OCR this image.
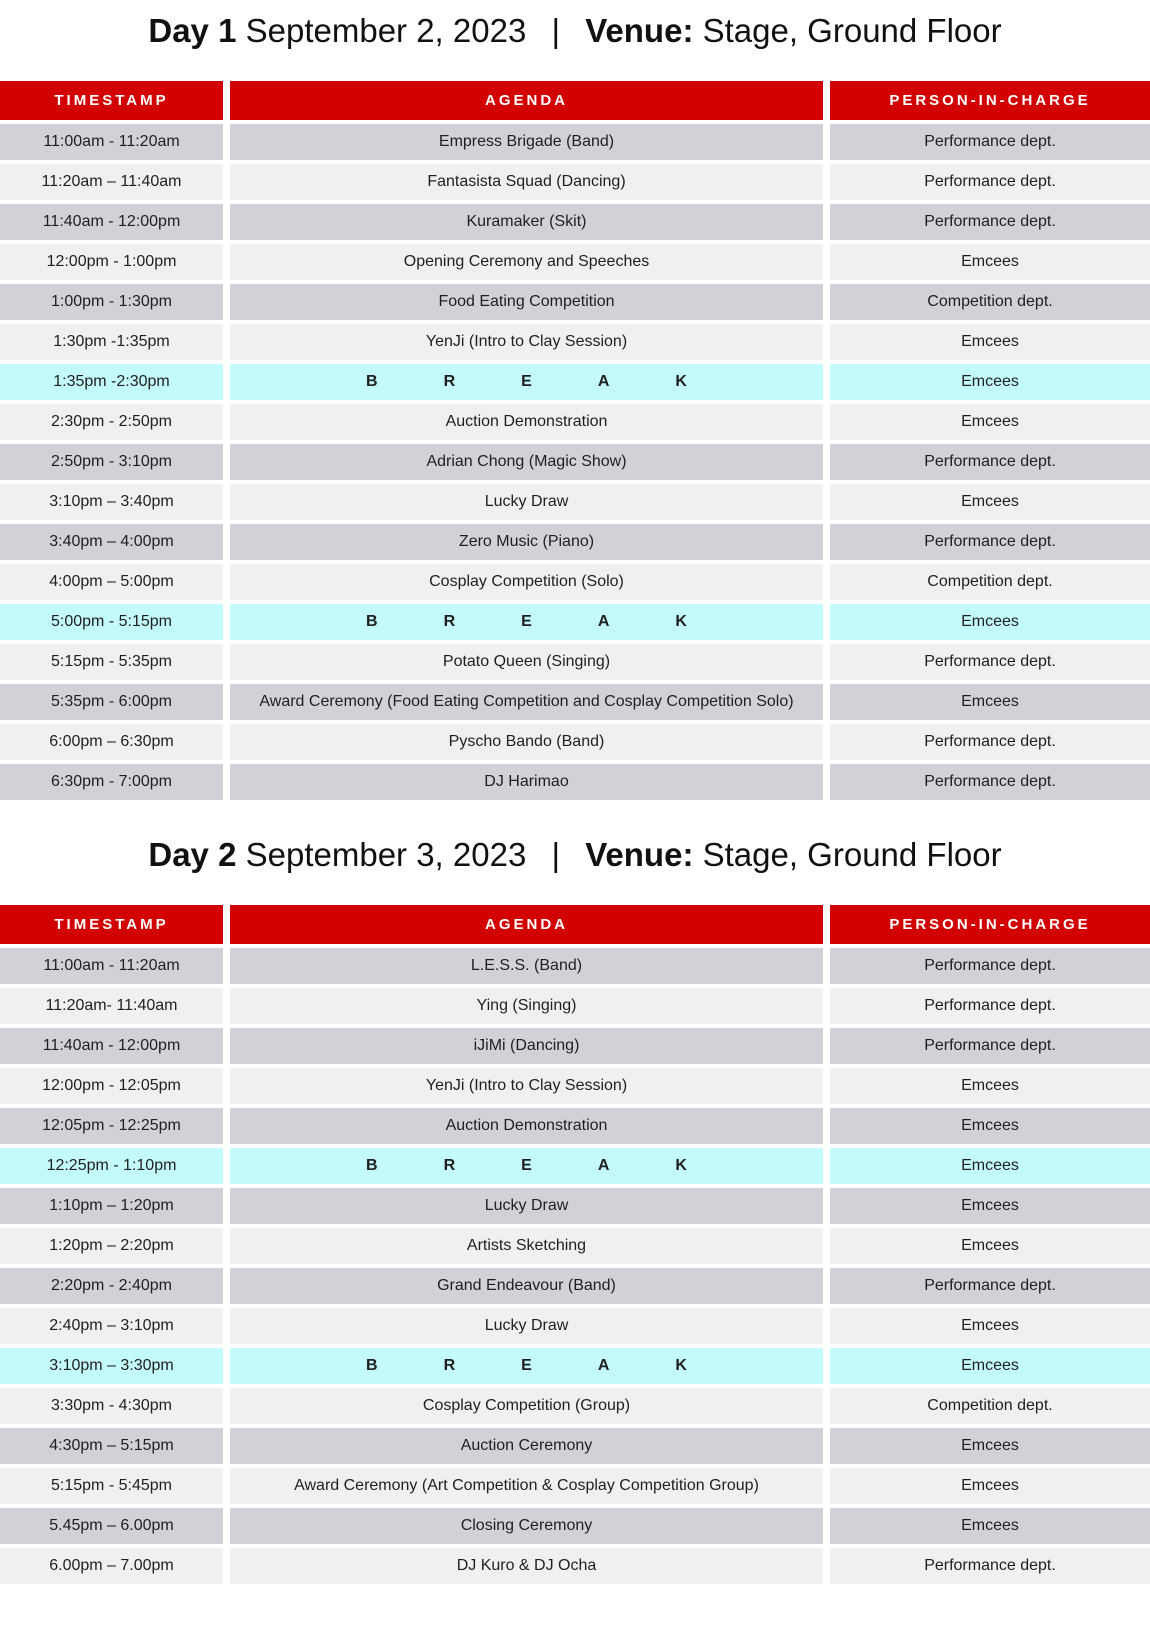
Day 1 September 2, 2023 | Venue: Stage, Ground Floor
TIMESTAMP	AGENDA	PERSON-IN-CHARGE
11:00am - 11:20am	Empress Brigade (Band)	Performance dept.
11:20am – 11:40am	Fantasista Squad (Dancing)	Performance dept.
11:40am - 12:00pm	Kuramaker (Skit)	Performance dept.
12:00pm - 1:00pm	Opening Ceremony and Speeches	Emcees
1:00pm - 1:30pm	Food Eating Competition	Competition dept.
1:30pm -1:35pm	YenJi (Intro to Clay Session)	Emcees
1:35pm -2:30pm	BREAK	Emcees
2:30pm - 2:50pm	Auction Demonstration	Emcees
2:50pm - 3:10pm	Adrian Chong (Magic Show)	Performance dept.
3:10pm – 3:40pm	Lucky Draw	Emcees
3:40pm – 4:00pm	Zero Music (Piano)	Performance dept.
4:00pm – 5:00pm	Cosplay Competition (Solo)	Competition dept.
5:00pm - 5:15pm	BREAK	Emcees
5:15pm - 5:35pm	Potato Queen (Singing)	Performance dept.
5:35pm - 6:00pm	Award Ceremony (Food Eating Competition and Cosplay Competition Solo)	Emcees
6:00pm – 6:30pm	Pyscho Bando (Band)	Performance dept.
6:30pm - 7:00pm	DJ Harimao	Performance dept.
Day 2 September 3, 2023 | Venue: Stage, Ground Floor
TIMESTAMP	AGENDA	PERSON-IN-CHARGE
11:00am - 11:20am	L.E.S.S. (Band)	Performance dept.
11:20am- 11:40am	Ying (Singing)	Performance dept.
11:40am - 12:00pm	iJiMi (Dancing)	Performance dept.
12:00pm - 12:05pm	YenJi (Intro to Clay Session)	Emcees
12:05pm - 12:25pm	Auction Demonstration	Emcees
12:25pm - 1:10pm	BREAK	Emcees
1:10pm – 1:20pm	Lucky Draw	Emcees
1:20pm – 2:20pm	Artists Sketching	Emcees
2:20pm - 2:40pm	Grand Endeavour (Band)	Performance dept.
2:40pm – 3:10pm	Lucky Draw	Emcees
3:10pm – 3:30pm	BREAK	Emcees
3:30pm - 4:30pm	Cosplay Competition (Group)	Competition dept.
4:30pm – 5:15pm	Auction Ceremony	Emcees
5:15pm - 5:45pm	Award Ceremony (Art Competition & Cosplay Competition Group)	Emcees
5.45pm – 6.00pm	Closing Ceremony	Emcees
6.00pm – 7.00pm	DJ Kuro & DJ Ocha	Performance dept.
